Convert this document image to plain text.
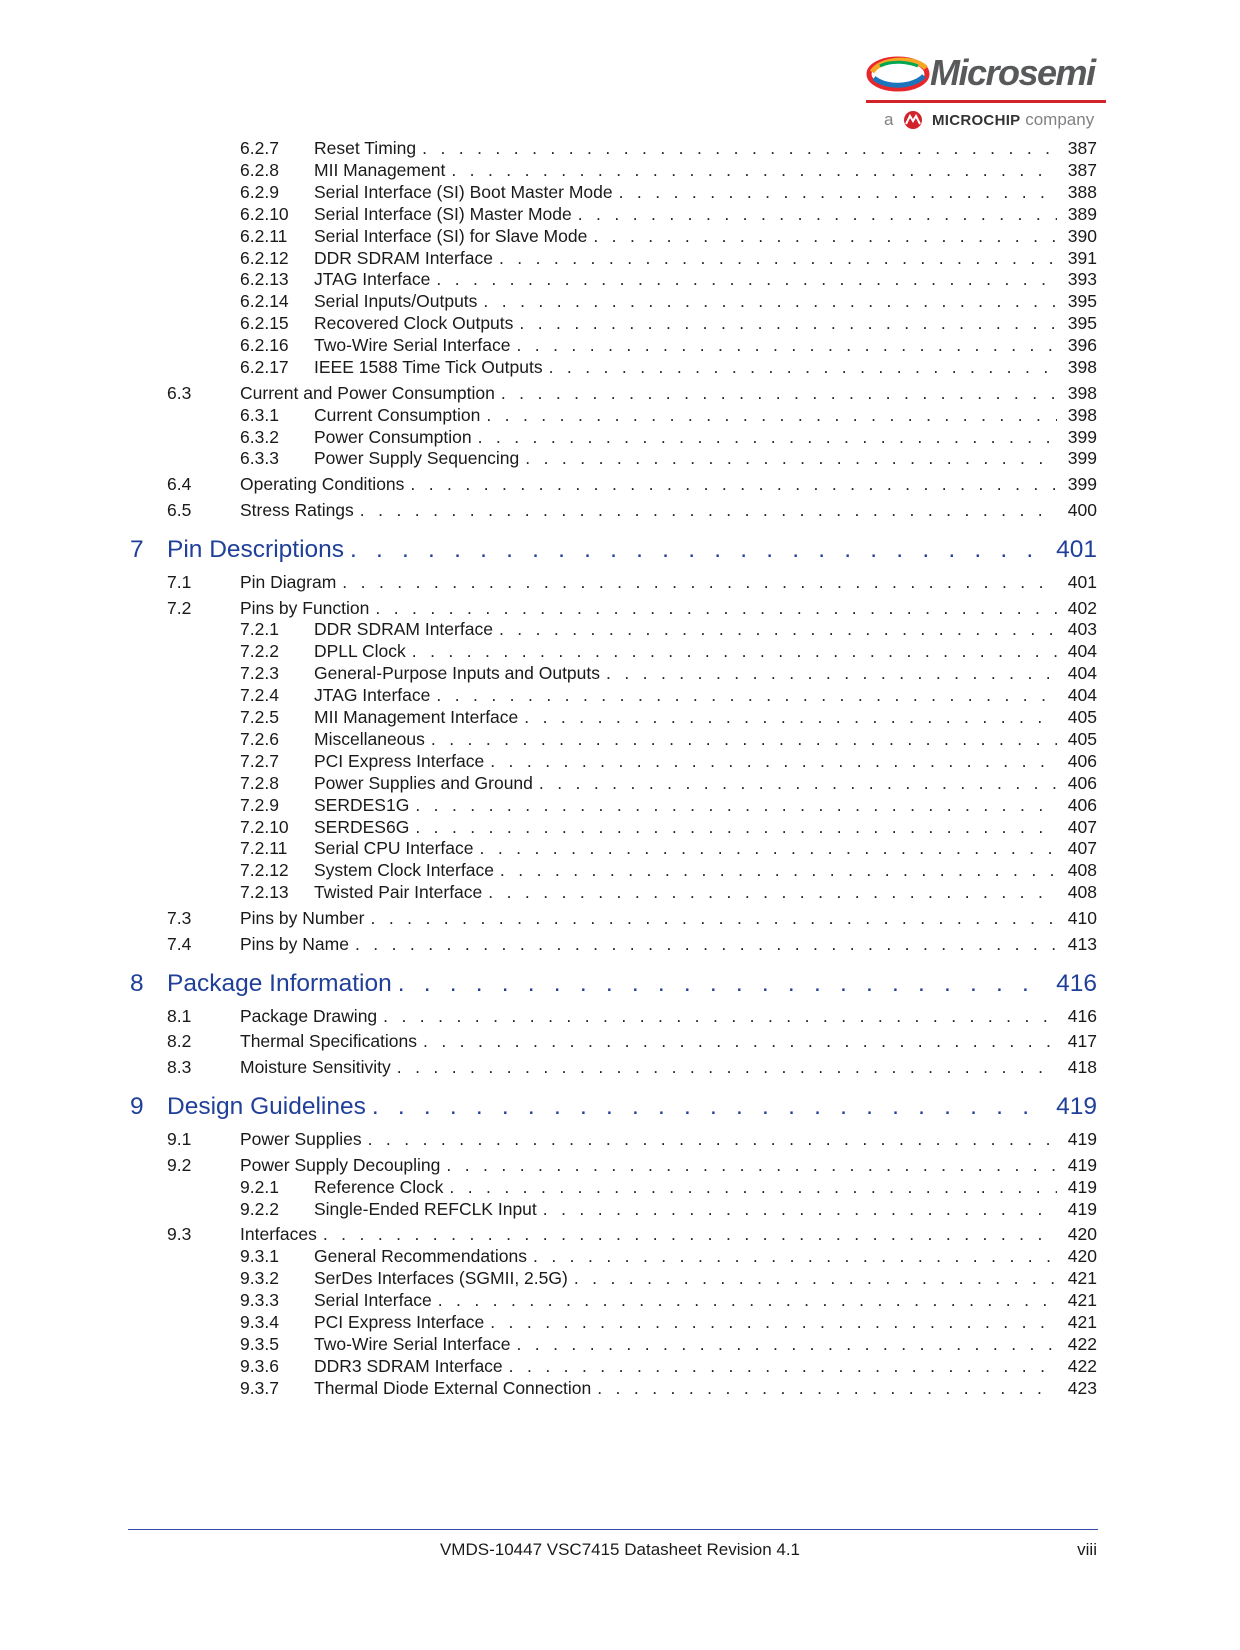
Microsemi
a	MICROCHIP company
6.2.7 Reset Timing . . .	387
6.2.8 MII Management . . .	387
6.2.9 Serial Interface (SI) Boot Master Mode . . .	388
6.2.10 Serial Interface (SI) Master Mode . . .	389
6.2.11 Serial Interface (SI) for Slave Mode . . .	390
6.2.12 DDR SDRAM Interface . . .	391
6.2.13 JTAG Interface . . .	393
6.2.14 Serial Inputs/Outputs . . .	395
6.2.15 Recovered Clock Outputs . . .	395
6.2.16 Two-Wire Serial Interface . . .	396
6.2.17 IEEE 1588 Time Tick Outputs . . .	398
6.3	Current and Power Consumption . . .	398
6.3.1 Current Consumption . . .	398
6.3.2 Power Consumption . . .	399
6.3.3 Power Supply Sequencing . . .	399
6.4	Operating Conditions . . .	399
6.5	Stress Ratings . . .	400
7 Pin Descriptions . . .	401
7.1	Pin Diagram . . .	401
7.2	Pins by Function . . .	402
7.2.1 DDR SDRAM Interface . . .	403
7.2.2 DPLL Clock . . .	404
7.2.3 General-Purpose Inputs and Outputs . . .	404
7.2.4 JTAG Interface . . .	404
7.2.5 MII Management Interface . . .	405
7.2.6 Miscellaneous . . .	405
7.2.7 PCI Express Interface . . .	406
7.2.8 Power Supplies and Ground . . .	406
7.2.9 SERDES1G . . .	406
7.2.10 SERDES6G . . .	407
7.2.11 Serial CPU Interface . . .	407
7.2.12 System Clock Interface . . .	408
7.2.13 Twisted Pair Interface . . .	408
7.3	Pins by Number . . .	410
7.4	Pins by Name . . .	413
8 Package Information . . .	416
8.1	Package Drawing . . .	416
8.2	Thermal Specifications . . .	417
8.3	Moisture Sensitivity . . .	418
9 Design Guidelines . . .	419
9.1	Power Supplies . . .	419
9.2	Power Supply Decoupling . . .	419
9.2.1 Reference Clock . . .	419
9.2.2 Single-Ended REFCLK Input . . .	419
9.3	Interfaces . . .	420
9.3.1 General Recommendations . . .	420
9.3.2 SerDes Interfaces (SGMII, 2.5G) . . .	421
9.3.3 Serial Interface . . .	421
9.3.4 PCI Express Interface . . .	421
9.3.5 Two-Wire Serial Interface . . .	422
9.3.6 DDR3 SDRAM Interface . . .	422
9.3.7 Thermal Diode External Connection . . .	423
VMDS-10447 VSC7415 Datasheet Revision 4.1	viii
